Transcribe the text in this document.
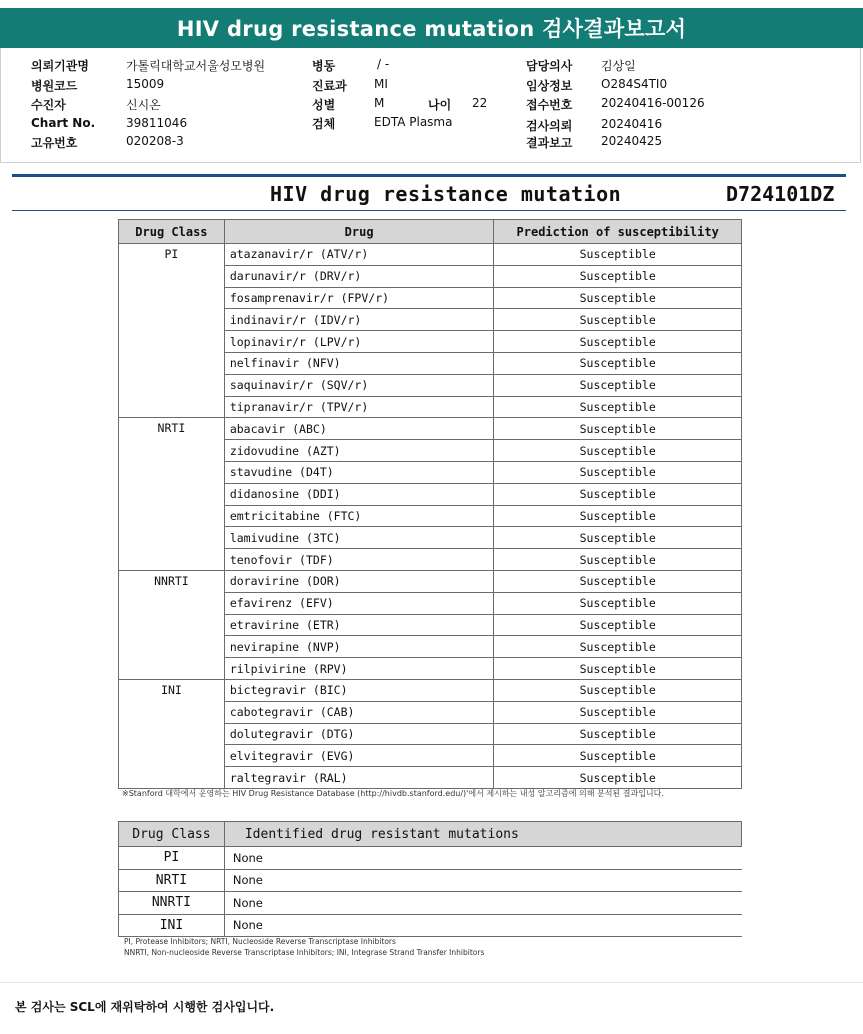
HIV drug resistance mutation 검사결과보고서
의뢰기관명	가톨릭대학교서울성모병원
병원코드	15009
수진자	신시온
Chart No.	39811046
고유번호	020208-3
병동	/ -
진료과 MI
성별	M	나이 22
검체	EDTA Plasma
담당의사 김상일
임상정보 O284S4TI0
접수번호 20240416-00126
검사의뢰 20240416
결과보고 20240425
HIV drug resistance mutation	D724101DZ
Drug Class	Drug	Prediction of susceptibility
PI	atazanavir/r (ATV/r)	Susceptible
	darunavir/r (DRV/r)	Susceptible
	fosamprenavir/r (FPV/r)	Susceptible
	indinavir/r (IDV/r)	Susceptible
	lopinavir/r (LPV/r)	Susceptible
	nelfinavir (NFV)	Susceptible
	saquinavir/r (SQV/r)	Susceptible
	tipranavir/r (TPV/r)	Susceptible
NRTI	abacavir (ABC)	Susceptible
	zidovudine (AZT)	Susceptible
	stavudine (D4T)	Susceptible
	didanosine (DDI)	Susceptible
	emtricitabine (FTC)	Susceptible
	lamivudine (3TC)	Susceptible
	tenofovir (TDF)	Susceptible
NNRTI	doravirine (DOR)	Susceptible
	efavirenz (EFV)	Susceptible
	etravirine (ETR)	Susceptible
	nevirapine (NVP)	Susceptible
	rilpivirine (RPV)	Susceptible
INI	bictegravir (BIC)	Susceptible
	cabotegravir (CAB)	Susceptible
	dolutegravir (DTG)	Susceptible
	elvitegravir (EVG)	Susceptible
	raltegravir (RAL)	Susceptible
※Stanford 대학에서 운영하는 HIV Drug Resistance Database (http://hivdb.stanford.edu/)'에서 제시하는 내성 알고리즘에 의해 분석된 결과입니다.
Drug Class	Identified drug resistant mutations
PI	None
NRTI	None
NNRTI	None
INI	None
PI, Protease Inhibitors; NRTI, Nucleoside Reverse Transcriptase Inhibitors
NNRTI, Non-nucleoside Reverse Transcriptase Inhibitors; INI, Integrase Strand Transfer Inhibitors
본 검사는 SCL에 재위탁하여 시행한 검사입니다.
